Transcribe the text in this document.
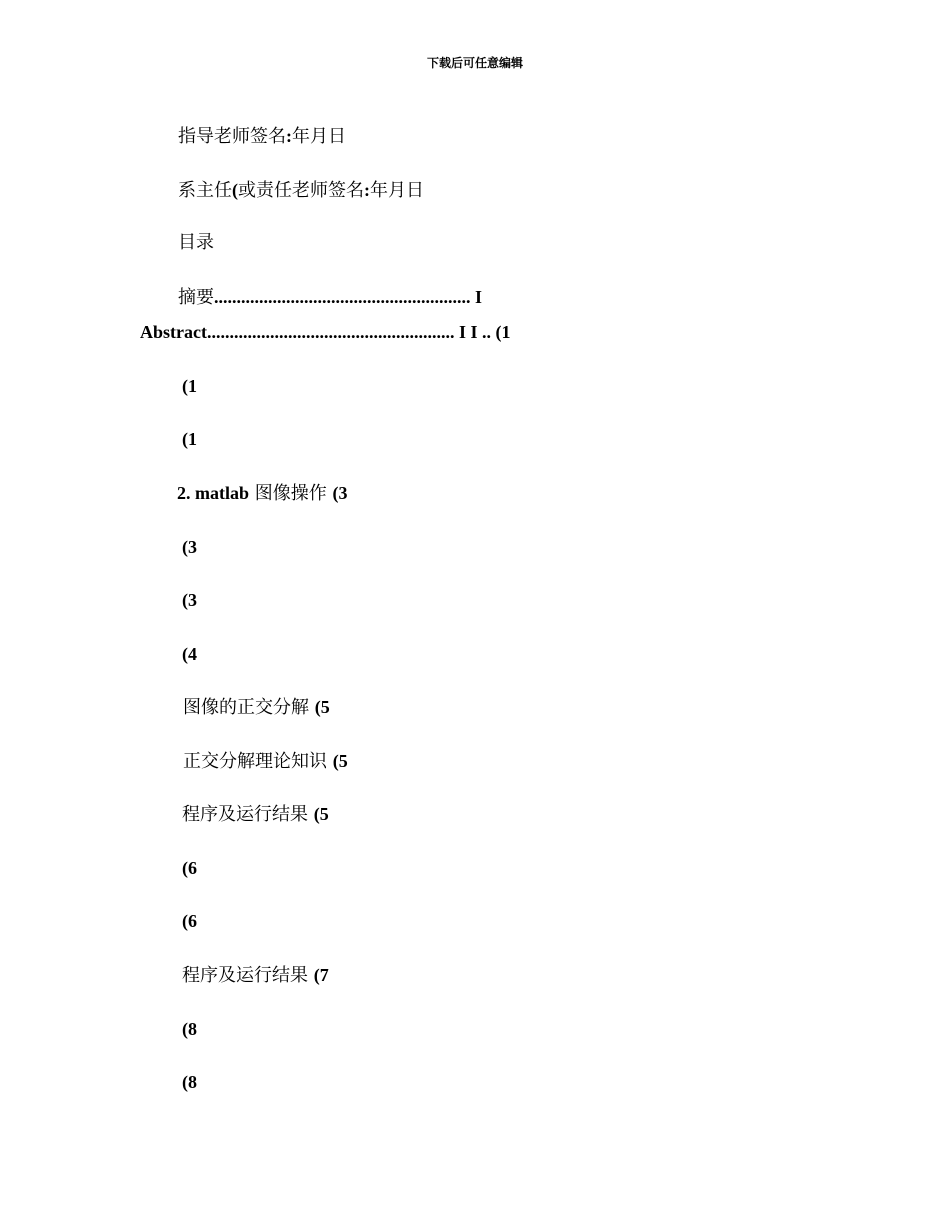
下载后可任意编辑
指导老师签名:年月日
系主任(或责任老师签名:年月日
目录
摘要......................................................... I
Abstract....................................................... I I .. (1
(1
(1
2. matlab 图像操作 (3
(3
(3
(4
图像的正交分解 (5
正交分解理论知识 (5
程序及运行结果 (5
(6
(6
程序及运行结果 (7
(8
(8
